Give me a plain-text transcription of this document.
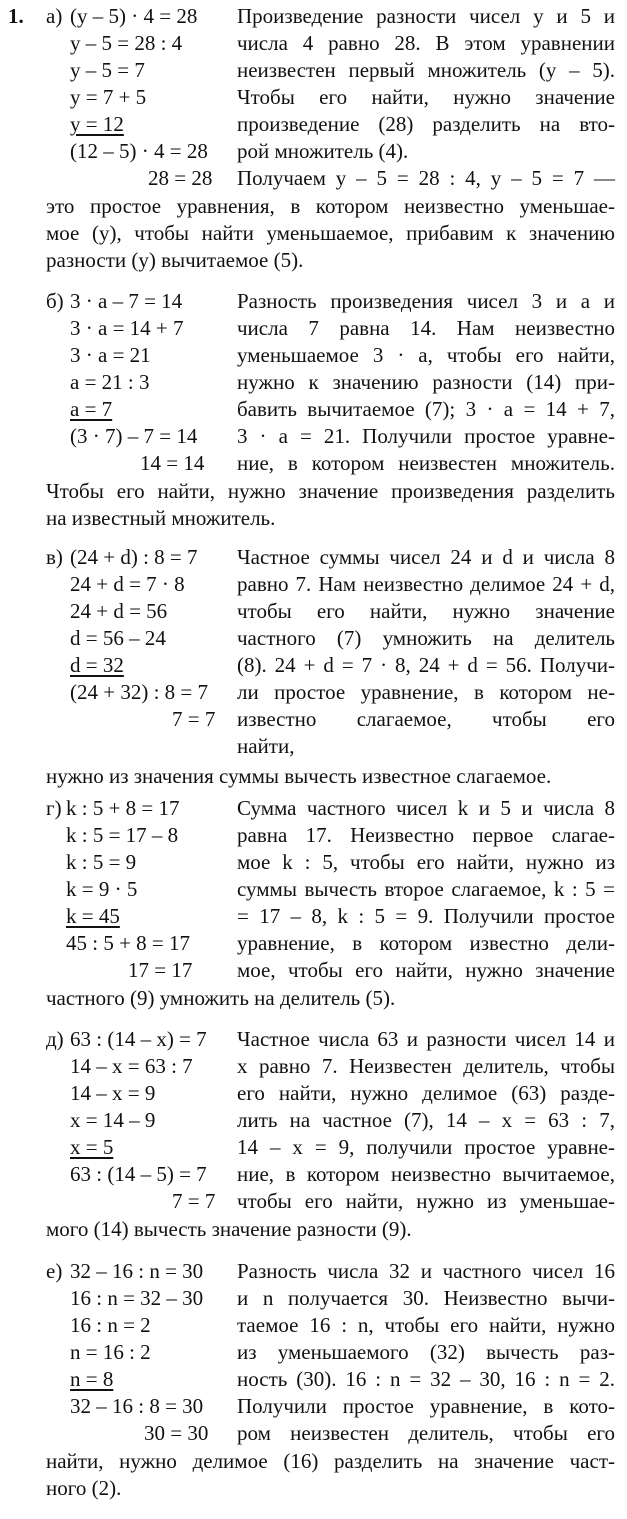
1. а) (y – 5) · 4 = 28
y – 5 = 28 : 4
y – 5 = 7
y = 7 + 5
y = 12
(12 – 5) · 4 = 28
28 = 28
Произведение разности чисел y и 5 и
числа 4 равно 28. В этом уравнении
неизвестен первый множитель (y – 5).
Чтобы его найти, нужно значение
произведение (28) разделить на вто-
рой множитель (4).
Получаем y – 5 = 28 : 4, y – 5 = 7 —
это простое уравнения, в котором неизвестно уменьшае-
мое (y), чтобы найти уменьшаемое, прибавим к значению
разности (y) вычитаемое (5).
б) 3 · a – 7 = 14
3 · a = 14 + 7
3 · a = 21
a = 21 : 3
a = 7
(3 · 7) – 7 = 14
14 = 14
Разность произведения чисел 3 и a и
числа 7 равна 14. Нам неизвестно
уменьшаемое 3 · a, чтобы его найти,
нужно к значению разности (14) при-
бавить вычитаемое (7); 3 · a = 14 + 7,
3 · a = 21. Получили простое уравне-
ние, в котором неизвестен множитель.
Чтобы его найти, нужно значение произведения разделить
на известный множитель.
в) (24 + d) : 8 = 7
24 + d = 7 · 8
24 + d = 56
d = 56 – 24
d = 32
(24 + 32) : 8 = 7
7 = 7
Частное суммы чисел 24 и d и числа 8
равно 7. Нам неизвестно делимое 24 + d,
чтобы его найти, нужно значение
частного (7) умножить на делитель
(8). 24 + d = 7 · 8, 24 + d = 56. Получи-
ли простое уравнение, в котором не-
известно слагаемое, чтобы его
найти,
нужно из значения суммы вычесть известное слагаемое.
г) k : 5 + 8 = 17
k : 5 = 17 – 8
k : 5 = 9
k = 9 · 5
k = 45
45 : 5 + 8 = 17
17 = 17
Сумма частного чисел k и 5 и числа 8
равна 17. Неизвестно первое слагае-
мое k : 5, чтобы его найти, нужно из
суммы вычесть второе слагаемое, k : 5 =
= 17 – 8, k : 5 = 9. Получили простое
уравнение, в котором известно дели-
мое, чтобы его найти, нужно значение
частного (9) умножить на делитель (5).
д) 63 : (14 – x) = 7
14 – x = 63 : 7
14 – x = 9
x = 14 – 9
x = 5
63 : (14 – 5) = 7
7 = 7
Частное числа 63 и разности чисел 14 и
x равно 7. Неизвестен делитель, чтобы
его найти, нужно делимое (63) разде-
лить на частное (7), 14 – x = 63 : 7,
14 – x = 9, получили простое уравне-
ние, в котором неизвестно вычитаемое,
чтобы его найти, нужно из уменьшае-
мого (14) вычесть значение разности (9).
е) 32 – 16 : n = 30
16 : n = 32 – 30
16 : n = 2
n = 16 : 2
n = 8
32 – 16 : 8 = 30
30 = 30
Разность числа 32 и частного чисел 16
и n получается 30. Неизвестно вычи-
таемое 16 : n, чтобы его найти, нужно
из уменьшаемого (32) вычесть раз-
ность (30). 16 : n = 32 – 30, 16 : n = 2.
Получили простое уравнение, в кото-
ром неизвестен делитель, чтобы его
найти, нужно делимое (16) разделить на значение част-
ного (2).
